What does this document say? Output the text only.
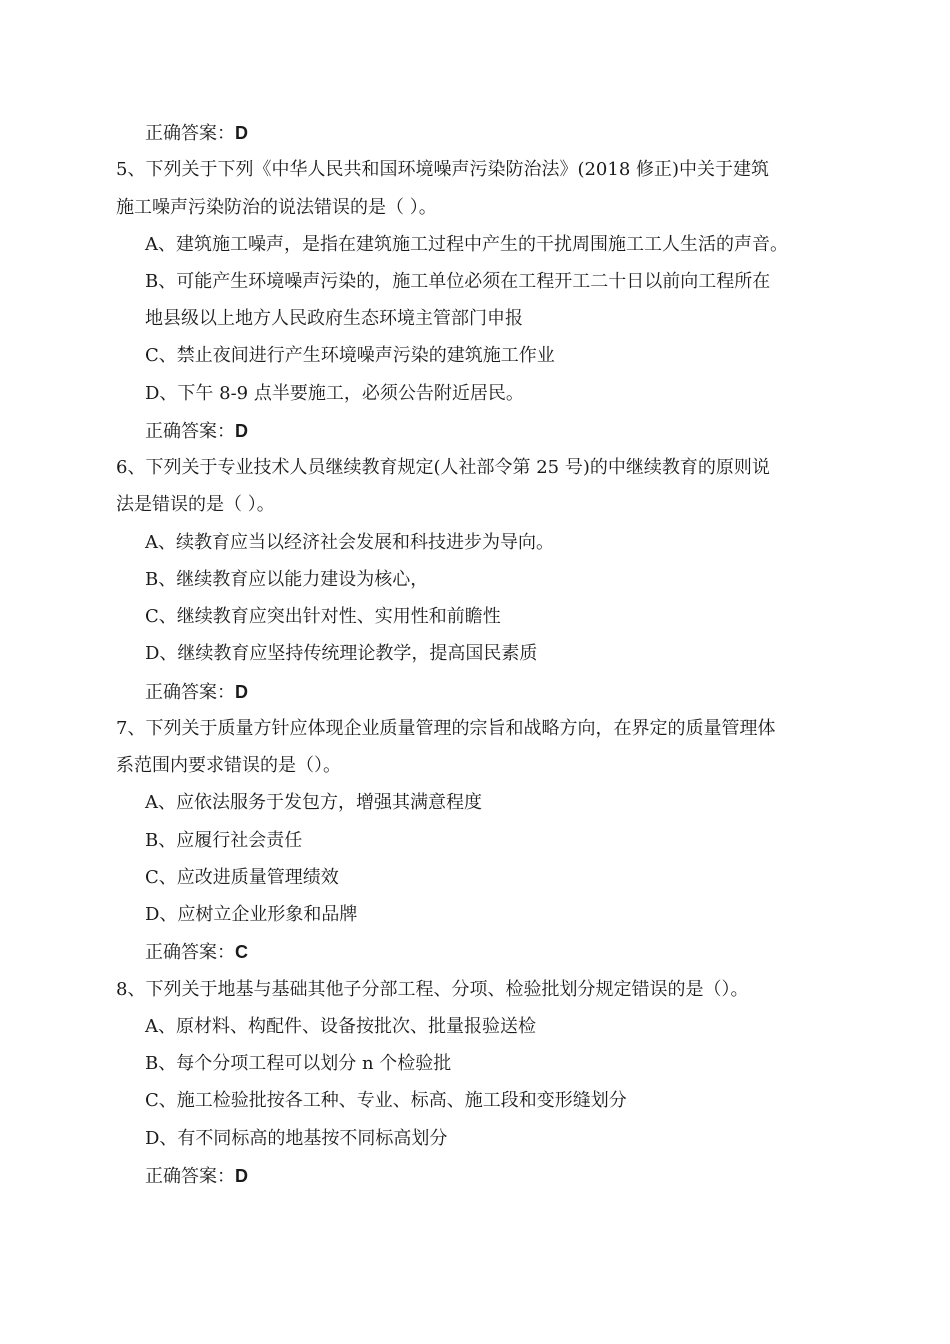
正确答案：D
5、下列关于下列《中华人民共和国环境噪声污染防治法》(2018 修正)中关于建筑
施工噪声污染防治的说法错误的是（ ）。
A、建筑施工噪声，是指在建筑施工过程中产生的干扰周围施工工人生活的声音。
B、可能产生环境噪声污染的，施工单位必须在工程开工二十日以前向工程所在
地县级以上地方人民政府生态环境主管部门申报
C、禁止夜间进行产生环境噪声污染的建筑施工作业
D、下午 8-9 点半要施工，必须公告附近居民。
正确答案：D
6、下列关于专业技术人员继续教育规定(人社部令第 25 号)的中继续教育的原则说
法是错误的是（ ）。
A、续教育应当以经济社会发展和科技进步为导向。
B、继续教育应以能力建设为核心，
C、继续教育应突出针对性、实用性和前瞻性
D、继续教育应坚持传统理论教学，提高国民素质
正确答案：D
7、下列关于质量方针应体现企业质量管理的宗旨和战略方向，在界定的质量管理体
系范围内要求错误的是（）。
A、应依法服务于发包方，增强其满意程度
B、应履行社会责任
C、应改进质量管理绩效
D、应树立企业形象和品牌
正确答案：C
8、下列关于地基与基础其他子分部工程、分项、检验批划分规定错误的是（）。
A、原材料、构配件、设备按批次、批量报验送检
B、每个分项工程可以划分 n 个检验批
C、施工检验批按各工种、专业、标高、施工段和变形缝划分
D、有不同标高的地基按不同标高划分
正确答案：D
